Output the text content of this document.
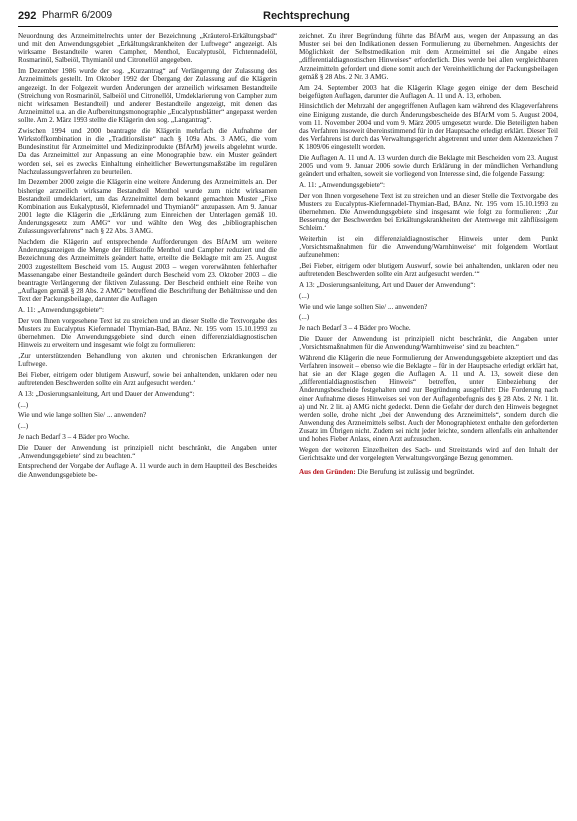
292 PharmR 6/2009	Rechtsprechung

Neuordnung des Arzneimittelrechts unter der Bezeichnung „Kräuterol-Erkältungsbad“ und mit den Anwendungsgebiet „Erkältungskrankheiten der Luftwege“ angezeigt. Als wirksame Bestandteile waren Campher, Menthol, Eucalyptusöl, Fichtennadelöl, Rosmarinöl, Salbeiöl, Thymianöl und Citronellöl angegeben.

Im Dezember 1986 wurde der sog. „Kurzantrag“ auf Verlängerung der Zulassung des Arzneimittels gestellt. Im Oktober 1992 der Übergang der Zulassung auf die Klägerin angezeigt. In der Folgezeit wurden Änderungen der arzneilich wirksamen Bestandteile (Streichung von Rosmarinöl, Salbeiöl und Citronellöl, Umdeklarierung von Campher zum nicht wirksamen Bestandteil) und anderer Bestandteile angezeigt, mit denen das Arzneimittel u.a. an die Aufbereitungsmonographie „Eucalyptusblätter“ angepasst werden sollte. Am 2. März 1993 stellte die Klägerin den sog. „Langantrag“.

Zwischen 1994 und 2000 beantragte die Klägerin mehrfach die Aufnahme der Wirkstoffkombination in die „Traditionsliste“ nach § 109a Abs. 3 AMG, die vom Bundesinstitut für Arzneimittel und Medizinprodukte (BfArM) jeweils abgelehnt wurde. Da das Arzneimittel zur Anpassung an eine Monographie bzw. ein Muster geändert worden sei, sei es zwecks Einhaltung einheitlicher Bewertungsmaßstäbe im regulären Nachzulassungsverfahren zu beurteilen.

Im Dezember 2000 zeigte die Klägerin eine weitere Änderung des Arzneimittels an. Der bisherige arzneilich wirksame Bestandteil Menthol wurde zum nicht wirksamen Bestandteil umdeklariert, um das Arzneimittel dem bekannt gemachten Muster „Fixe Kombination aus Eukalyptusöl, Kiefernnadel und Thymianöl“ anzupassen. Am 9. Januar 2001 legte die Klägerin die „Erklärung zum Einreichen der Unterlagen gemäß 10. Änderungsgesetz zum AMG“ vor und wählte den Weg des „bibliographischen Zulassungsverfahrens“ nach § 22 Abs. 3 AMG.

Nachdem die Klägerin auf entsprechende Aufforderungen des BfArM um weitere Änderungsanzeigen die Menge der Hilfsstoffe Menthol und Campher reduziert und die Bezeichnung des Arzneimittels geändert hatte, erteilte die Beklagte mit am 25. August 2003 zugestelltem Bescheid vom 15. August 2003 – wegen vorerwähnten fehlerhafter Massenangabe einer Bestandteile geändert durch Bescheid vom 23. Oktober 2003 – die beantragte Verlängerung der fiktiven Zulassung. Der Bescheid enthielt eine Reihe von „Auflagen gemäß § 28 Abs. 2 AMG“ betreffend die Beschriftung der Behältnisse und den Text der Packungsbeilage, darunter die Auflagen

A. 11: „Anwendungsgebiete“:

Der von Ihnen vorgesehene Text ist zu streichen und an dieser Stelle die Textvorgabe des Musters zu Eucalyptus Kiefernnadel Thymian-Bad, BAnz. Nr. 195 vom 15.10.1993 zu übernehmen. Die Anwendungsgebiete sind durch einen differenzialdiagnostischen Hinweis zu erweitern und insgesamt wie folgt zu formulieren:

‚Zur unterstützenden Behandlung von akuten und chronischen Erkrankungen der Luftwege.

Bei Fieber, eitrigem oder blutigem Auswurf, sowie bei anhaltenden, unklaren oder neu auftretenden Beschwerden sollte ein Arzt aufgesucht werden.‘

A 13: „Dosierungsanleitung, Art und Dauer der Anwendung“:

(...)

Wie und wie lange sollten Sie/ ... anwenden?

(...)

Je nach Bedarf 3 – 4 Bäder pro Woche.

Die Dauer der Anwendung ist prinzipiell nicht beschränkt, die Angaben unter ‚Anwendungsgebiete‘ sind zu beachten.“

Entsprechend der Vorgabe der Auflage A. 11 wurde auch in dem Hauptteil des Bescheides die Anwendungsgebiete be-

zeichnet. Zu ihrer Begründung führte das BfArM aus, wegen der Anpassung an das Muster sei bei den Indikationen dessen Formulierung zu übernehmen. Angesichts der Möglichkeit der Selbstmedikation mit dem Arzneimittel sei die Angabe eines „differentialdiagnostischen Hinweises“ erforderlich. Dies werde bei allen vergleichbaren Arzneimitteln gefordert und diene somit auch der Vereinheitlichung der Packungsbeilagen gemäß § 28 Abs. 2 Nr. 3 AMG.

Am 24. September 2003 hat die Klägerin Klage gegen einige der dem Bescheid beigefügten Auflagen, darunter die Auflagen A. 11 und A. 13, erhoben.

Hinsichtlich der Mehrzahl der angegriffenen Auflagen kam während des Klageverfahrens eine Einigung zustande, die durch Änderungsbescheide des BfArM vom 5. August 2004, vom 11. November 2004 und vom 9. März 2005 umgesetzt wurde. Die Beteiligten haben das Verfahren insoweit übereinstimmend für in der Hauptsache erledigt erklärt. Dieser Teil des Verfahrens ist durch das Verwaltungsgericht abgetrennt und unter dem Aktenzeichen 7 K 1809/06 eingestellt worden.

Die Auflagen A. 11 und A. 13 wurden durch die Beklagte mit Bescheiden vom 23. August 2005 und vom 9. Januar 2006 sowie durch Erklärung in der mündlichen Verhandlung geändert und erhalten, soweit sie vorliegend von Interesse sind, die folgende Fassung:

A. 11: „Anwendungsgebiete“:

Der von Ihnen vorgesehene Text ist zu streichen und an dieser Stelle die Textvorgabe des Musters zu Eucalyptus-Kiefernnadel-Thymian-Bad, BAnz. Nr. 195 vom 15.10.1993 zu übernehmen. Die Anwendungsgebiete sind insgesamt wie folgt zu formulieren: ‚Zur Besserung der Beschwerden bei Erkältungskrankheiten der Atemwege mit zähflüssigem Schleim.‘

Weiterhin ist ein differenzialdiagnostischer Hinweis unter dem Punkt ‚Vorsichtsmaßnahmen für die Anwendung/Warnhinweise‘ mit folgendem Wortlaut aufzunehmen:

‚Bei Fieber, eitrigem oder blutigem Auswurf, sowie bei anhaltenden, unklaren oder neu auftretenden Beschwerden sollte ein Arzt aufgesucht werden.‘“

A 13: „Dosierungsanleitung, Art und Dauer der Anwendung“:

(...)

Wie und wie lange sollten Sie/ ... anwenden?

(...)

Je nach Bedarf 3 – 4 Bäder pro Woche.

Die Dauer der Anwendung ist prinzipiell nicht beschränkt, die Angaben unter ‚Vorsichtsmaßnahmen für die Anwendung/Warnhinweise‘ sind zu beachten.“

Während die Klägerin die neue Formulierung der Anwendungsgebiete akzeptiert und das Verfahren insoweit – ebenso wie die Beklagte – für in der Hauptsache erledigt erklärt hat, hat sie an der Klage gegen die Auflagen A. 11 und A. 13, soweit diese den „differentialdiagnostischen Hinweis“ betreffen, unter Einbeziehung der Änderungsbescheide festgehalten und zur Begründung ausgeführt: Die Forderung nach einer Aufnahme dieses Hinweises sei von der Auflagenbefugnis des § 28 Abs. 2 Nr. 1 lit. a) und Nr. 2 lit. a) AMG nicht gedeckt. Denn die Gefahr der durch den Hinweis begegnet werden solle, drohe nicht „bei der Anwendung des Arzneimittels“, sondern durch die Anwendung des Arzneimittels selbst. Auch der Monographietext enthalte den geforderten Zusatz im Übrigen nicht. Zudem sei nicht jeder leichte, sondern allenfalls ein anhaltender und hohes Fieber Anlass, einen Arzt aufzusuchen.

Wegen der weiteren Einzelheiten des Sach- und Streitstands wird auf den Inhalt der Gerichtsakte und der vorgelegten Verwaltungsvorgänge Bezug genommen.

Aus den Gründen: Die Berufung ist zulässig und begründet.
